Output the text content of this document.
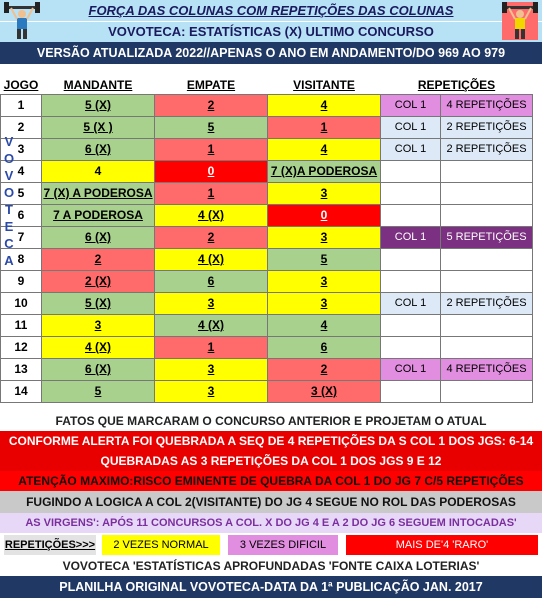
FORÇA DAS COLUNAS COM REPETIÇÕES DAS COLUNAS
VOVOTECA: ESTATÍSTICAS (X) ULTIMO CONCURSO
VERSÃO ATUALIZADA 2022//APENAS O ANO EM ANDAMENTO/DO 969 AO 979
JOGO	MANDANTE	EMPATE	VISITANTE	REPETIÇÕES	
1	5 (X)	2	4	COL 1	4 REPETIÇÕES
2	5 (X )	5	1	COL 1	2 REPETIÇÕES
3	6 (X)	1	4	COL 1	2 REPETIÇÕES
4	4	0	7 (X)A PODEROSA		
5	7 (X) A PODEROSA	1	3		
6	7 A PODEROSA	4 (X)	0		
7	6 (X)	2	3	COL 1	5 REPETIÇÕES
8	2	4 (X)	5		
9	2 (X)	6	3		
10	5 (X)	3	3	COL 1	2 REPETIÇÕES
11	3	4 (X)	4		
12	4 (X)	1	6		
13	6 (X)	3	2	COL 1	4 REPETIÇÕES
14	5	3	3 (X)		
FATOS QUE MARCARAM O CONCURSO ANTERIOR E PROJETAM O ATUAL
CONFORME ALERTA FOI QUEBRADA A SEQ DE 4 REPETIÇÕES DA S COL 1 DOS JGS: 6-14
QUEBRADAS AS 3 REPETIÇÕES DA COL 1 DOS JGS 9 E 12
ATENÇÃO MAXIMO:RISCO EMINENTE DE QUEBRA DA COL 1 DO JG 7 C/5 REPETIÇÕES
FUGINDO A LOGICA A COL 2(VISITANTE) DO JG 4 SEGUE NO ROL DAS PODEROSAS
AS VIRGENS': APÓS 11 CONCURSOS A COL. X DO JG 4 E A 2 DO JG 6 SEGUEM INTOCADAS'
REPETIÇÕES>>>	2 VEZES NORMAL	3 VEZES DIFICIL	MAIS DE'4 'RARO'
VOVOTECA 'ESTATÍSTICAS APROFUNDADAS 'FONTE CAIXA LOTERIAS'
PLANILHA ORIGINAL VOVOTECA-DATA DA 1ª PUBLICAÇÃO JAN. 2017
V
O
V
O
T
E
C
A
